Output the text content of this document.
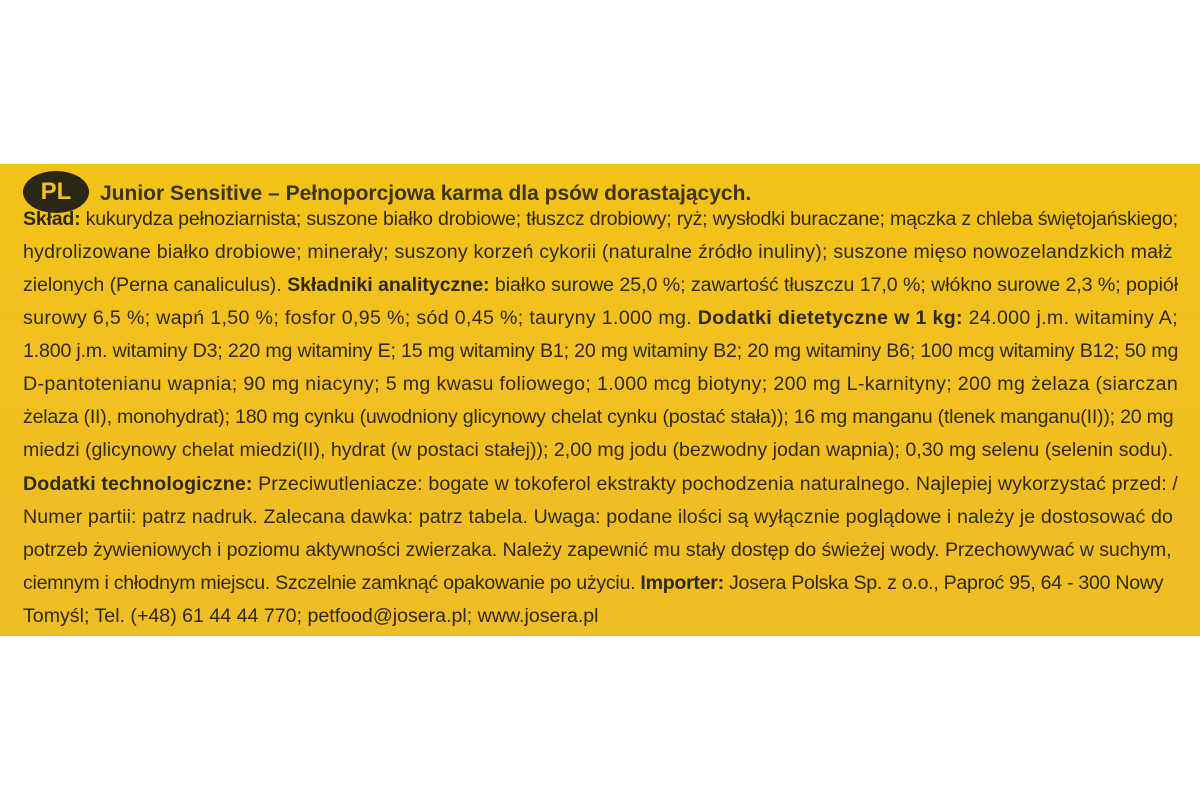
PL	Junior Sensitive – Pełnoporcjowa karma dla psów dorastających.
Skład: kukurydza pełnoziarnista; suszone białko drobiowe; tłuszcz drobiowy; ryż; wysłodki buraczane; mączka z chleba świętojańskiego;
hydrolizowane białko drobiowe; minerały; suszony korzeń cykorii (naturalne źródło inuliny); suszone mięso nowozelandzkich małż
zielonych (Perna canaliculus). Składniki analityczne: białko surowe 25,0 %; zawartość tłuszczu 17,0 %; włókno surowe 2,3 %; popiół
surowy 6,5 %; wapń 1,50 %; fosfor 0,95 %; sód 0,45 %; tauryny 1.000 mg. Dodatki dietetyczne w 1 kg: 24.000 j.m. witaminy A;
1.800 j.m. witaminy D3; 220 mg witaminy E; 15 mg witaminy B1; 20 mg witaminy B2; 20 mg witaminy B6; 100 mcg witaminy B12; 50 mg
D-pantotenianu wapnia; 90 mg niacyny; 5 mg kwasu foliowego; 1.000 mcg biotyny; 200 mg L-karnityny; 200 mg żelaza (siarczan
żelaza (II), monohydrat); 180 mg cynku (uwodniony glicynowy chelat cynku (postać stała)); 16 mg manganu (tlenek manganu(II)); 20 mg
miedzi (glicynowy chelat miedzi(II), hydrat (w postaci stałej)); 2,00 mg jodu (bezwodny jodan wapnia); 0,30 mg selenu (selenin sodu).
Dodatki technologiczne: Przeciwutleniacze: bogate w tokoferol ekstrakty pochodzenia naturalnego. Najlepiej wykorzystać przed: /
Numer partii: patrz nadruk. Zalecana dawka: patrz tabela. Uwaga: podane ilości są wyłącznie poglądowe i należy je dostosować do
potrzeb żywieniowych i poziomu aktywności zwierzaka. Należy zapewnić mu stały dostęp do świeżej wody. Przechowywać w suchym,
ciemnym i chłodnym miejscu. Szczelnie zamknąć opakowanie po użyciu. Importer: Josera Polska Sp. z o.o., Paproć 95, 64 - 300 Nowy
Tomyśl; Tel. (+48) 61 44 44 770; petfood@josera.pl; www.josera.pl
